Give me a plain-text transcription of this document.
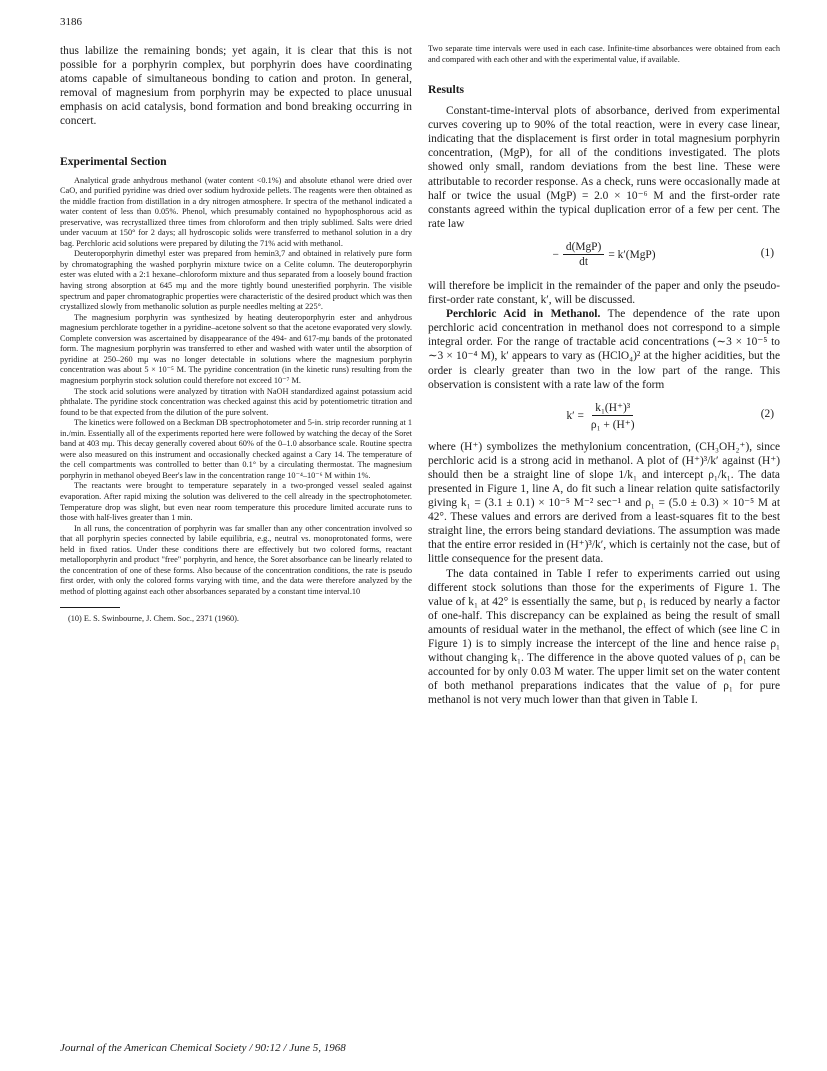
3186

thus labilize the remaining bonds; yet again, it is clear that this is not possible for a porphyrin complex, but porphyrin does have coordinating atoms capable of simultaneous bonding to cation and proton. In general, removal of magnesium from porphyrin may be expected to place unusual emphasis on acid catalysis, bond formation and bond breaking occurring in concert.

Experimental Section

Analytical grade anhydrous methanol (water content <0.1%) and absolute ethanol were dried over CaO, and purified pyridine was dried over sodium hydroxide pellets. The reagents were then obtained as the middle fraction from distillation in a dry nitrogen atmosphere. Ir spectra of the methanol indicated a water content of less than 0.05%. Phenol, which presumably contained no hypophosphorous acid as preservative, was recrystallized three times from chloroform and then triply sublimed. Salts were dried under vacuum at 150° for 2 days; all hydroscopic solids were transferred to methanol solution in a dry bag. Perchloric acid solutions were prepared by diluting the 71% acid with methanol.

Deuteroporphyrin dimethyl ester was prepared from hemin3,7 and obtained in relatively pure form by chromatographing the washed porphyrin mixture twice on a Celite column. The deuteroporphyrin ester was eluted with a 2:1 hexane–chloroform mixture and thus separated from a loosely bound fraction having strong absorption at 645 mμ and the more tightly bound unesterified porphyrin. The visible spectrum and paper chromatographic properties were characteristic of the desired product which was then crystallized slowly from methanolic solution as purple needles melting at 225°.

The magnesium porphyrin was synthesized by heating deuteroporphyrin ester and anhydrous magnesium perchlorate together in a pyridine–acetone solvent so that the acetone evaporated very slowly. Complete conversion was ascertained by disappearance of the 494- and 617-mμ bands of the protonated form. The magnesium porphyrin was transferred to ether and washed with water until the absorption of pyridine at 250–260 mμ was no longer detectable in solutions where the magnesium porphyrin concentration was about 5 × 10⁻⁵ M. The pyridine concentration (in the kinetic runs) resulting from the magnesium porphyrin stock solution could therefore not exceed 10⁻⁷ M.

The stock acid solutions were analyzed by titration with NaOH standardized against potassium acid phthalate. The pyridine stock concentration was checked against this acid by potentiometric titration and found to be that expected from the dilution of the pure solvent.

The kinetics were followed on a Beckman DB spectrophotometer and 5-in. strip recorder running at 1 in./min. Essentially all of the experiments reported here were followed by watching the decay of the Soret band at 403 mμ. This decay generally covered about 60% of the 0–1.0 absorbance scale. Routine spectra were also measured on this instrument and occasionally checked against a Cary 14. The temperature of the cell compartments was controlled to better than 0.1° by a circulating thermostat. The magnesium porphyrin in methanol obeyed Beer's law in the concentration range 10⁻⁴–10⁻⁶ M within 1%.

The reactants were brought to temperature separately in a two-pronged vessel sealed against evaporation. After rapid mixing the solution was delivered to the cell already in the spectrophotometer. Temperature drop was slight, but even near room temperature this procedure limited accurate runs to those with half-lives greater than 1 min.

In all runs, the concentration of porphyrin was far smaller than any other concentration involved so that all porphyrin species connected by labile equilibria, e.g., neutral vs. monoprotonated forms, were held in fixed ratios. Under these conditions there are effectively but two colored forms, reactant metalloporphyrin and product "free" porphyrin, and hence, the Soret absorbance can be linearly related to the concentration of one of these forms. Also because of the concentration conditions, the rate is pseudo first order, with only the colored forms varying with time, and the data were therefore analyzed by the method of plotting against each other absorbances separated by a constant time interval.10

(10) E. S. Swinbourne, J. Chem. Soc., 2371 (1960).

Two separate time intervals were used in each case. Infinite-time absorbances were obtained from each and compared with each other and with the experimental value, if available.

Results

Constant-time-interval plots of absorbance, derived from experimental curves covering up to 90% of the total reaction, were in every case linear, indicating that the displacement is first order in total magnesium porphyrin concentration, (MgP), for all of the conditions investigated. The plots showed only small, random deviations from the best line. These were attributable to recorder response. As a check, runs were occasionally made at half or twice the usual (MgP) = 2.0 × 10⁻⁶ M and the first-order rate constants agreed within the typical duplication error of a few per cent. The rate law

− $\frac{\text{d(MgP)}}{dt} = k'(MgP)$	(1)

will therefore be implicit in the remainder of the paper and only the pseudo-first-order rate constant, k′, will be discussed.

Perchloric Acid in Methanol. The dependence of the rate upon perchloric acid concentration in methanol does not correspond to a simple integral order. For the range of tractable acid concentrations (∼3 × 10⁻⁵ to ∼3 × 10⁻⁴ M), k′ appears to vary as (HClO₄)² at the higher acidities, but the order is clearly greater than two in the low part of the range. This observation is consistent with a rate law of the form

$k' = \frac{\text{k₁(H⁺)³}}{\text{ρ₁ + (H⁺)}}$	(2)

where (H⁺) symbolizes the methylonium concentration, (CH₃OH₂⁺), since perchloric acid is a strong acid in methanol. A plot of (H⁺)³/k′ against (H⁺) should then be a straight line of slope 1/k₁ and intercept ρ₁/k₁. The data presented in Figure 1, line A, do fit such a linear relation quite satisfactorily giving k₁ = (3.1 ± 0.1) × 10⁻⁵ M⁻² sec⁻¹ and ρ₁ = (5.0 ± 0.3) × 10⁻⁵ M at 42°. These values and errors are derived from a least-squares fit to the best straight line, the errors being standard deviations. The assumption was made that the entire error resided in (H⁺)³/k′, which is certainly not the case, but of little consequence for the present data.

The data contained in Table I refer to experiments carried out using different stock solutions than those for the experiments of Figure 1. The value of k₁ at 42° is essentially the same, but ρ₁ is reduced by nearly a factor of one-half. This discrepancy can be explained as being the result of small amounts of residual water in the methanol, the effect of which (see line C in Figure 1) is to simply increase the intercept of the line and hence raise ρ₁ without changing k₁. The difference in the above quoted values of ρ₁ can be accounted for by only 0.03 M water. The upper limit set on the water content of both methanol preparations indicates that the value of ρ₁ for pure methanol is not very much lower than that given in Table I.

Journal of the American Chemical Society / 90:12 / June 5, 1968
